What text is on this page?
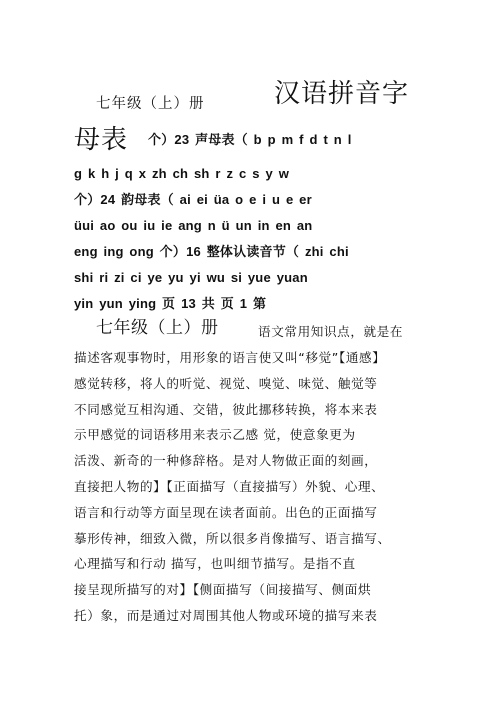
七年级（上）册	汉语拼音字
母表 个）23 声母表（ b p m f d t n l
g k h j q x zh ch sh r z c s y w
个）24 韵母表（ ai ei üa o e i u e er
üui ao ou iu ie ang n ü un in en an
eng ing ong 个）16 整体认读音节（ zhi chi
shi ri zi ci ye yu yi wu si yue yuan
yin yun ying 页 13 共 页 1 第
七年级（上）册	语文常用知识点，就是在
描述客观事物时，用形象的语言使又叫“移觉”【通感】
感觉转移，将人的听觉、视觉、嗅觉、味觉、触觉等
不同感觉互相沟通、交错，彼此挪移转换，将本来表
示甲感觉的词语移用来表示乙感 觉，使意象更为
活泼、新奇的一种修辞格。是对人物做正面的刻画，
直接把人物的】【正面描写（直接描写）外貌、心理、
语言和行动等方面呈现在读者面前。出色的正面描写
摹形传神，细致入微，所以很多肖像描写、语言描写、
心理描写和行动 描写，也叫细节描写。是指不直
接呈现所描写的对】【侧面描写（间接描写、侧面烘
托）象，而是通过对周围其他人物或环境的描写来表
